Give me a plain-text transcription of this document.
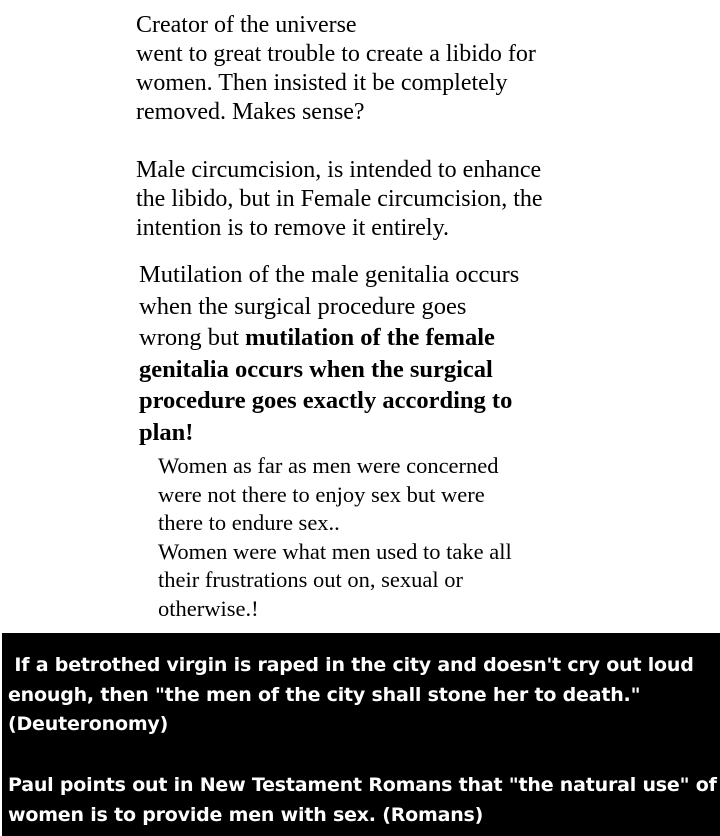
Creator of the universe
went to great trouble to create a libido for
women. Then insisted it be completely
removed. Makes sense?
Male circumcision, is intended to enhance
the libido, but in Female circumcision, the
intention is to remove it entirely.
Mutilation of the male genitalia occurs
when the surgical procedure goes
wrong but mutilation of the female
genitalia occurs when the surgical
procedure goes exactly according to
plan!
Women as far as men were concerned
were not there to enjoy sex but were
there to endure sex..
Women were what men used to take all
their frustrations out on, sexual or
otherwise.!
If a betrothed virgin is raped in the city and doesn't cry out loud
enough, then "the men of the city shall stone her to death."
(Deuteronomy)
Paul points out in New Testament Romans that "the natural use" of
women is to provide men with sex. (Romans)
